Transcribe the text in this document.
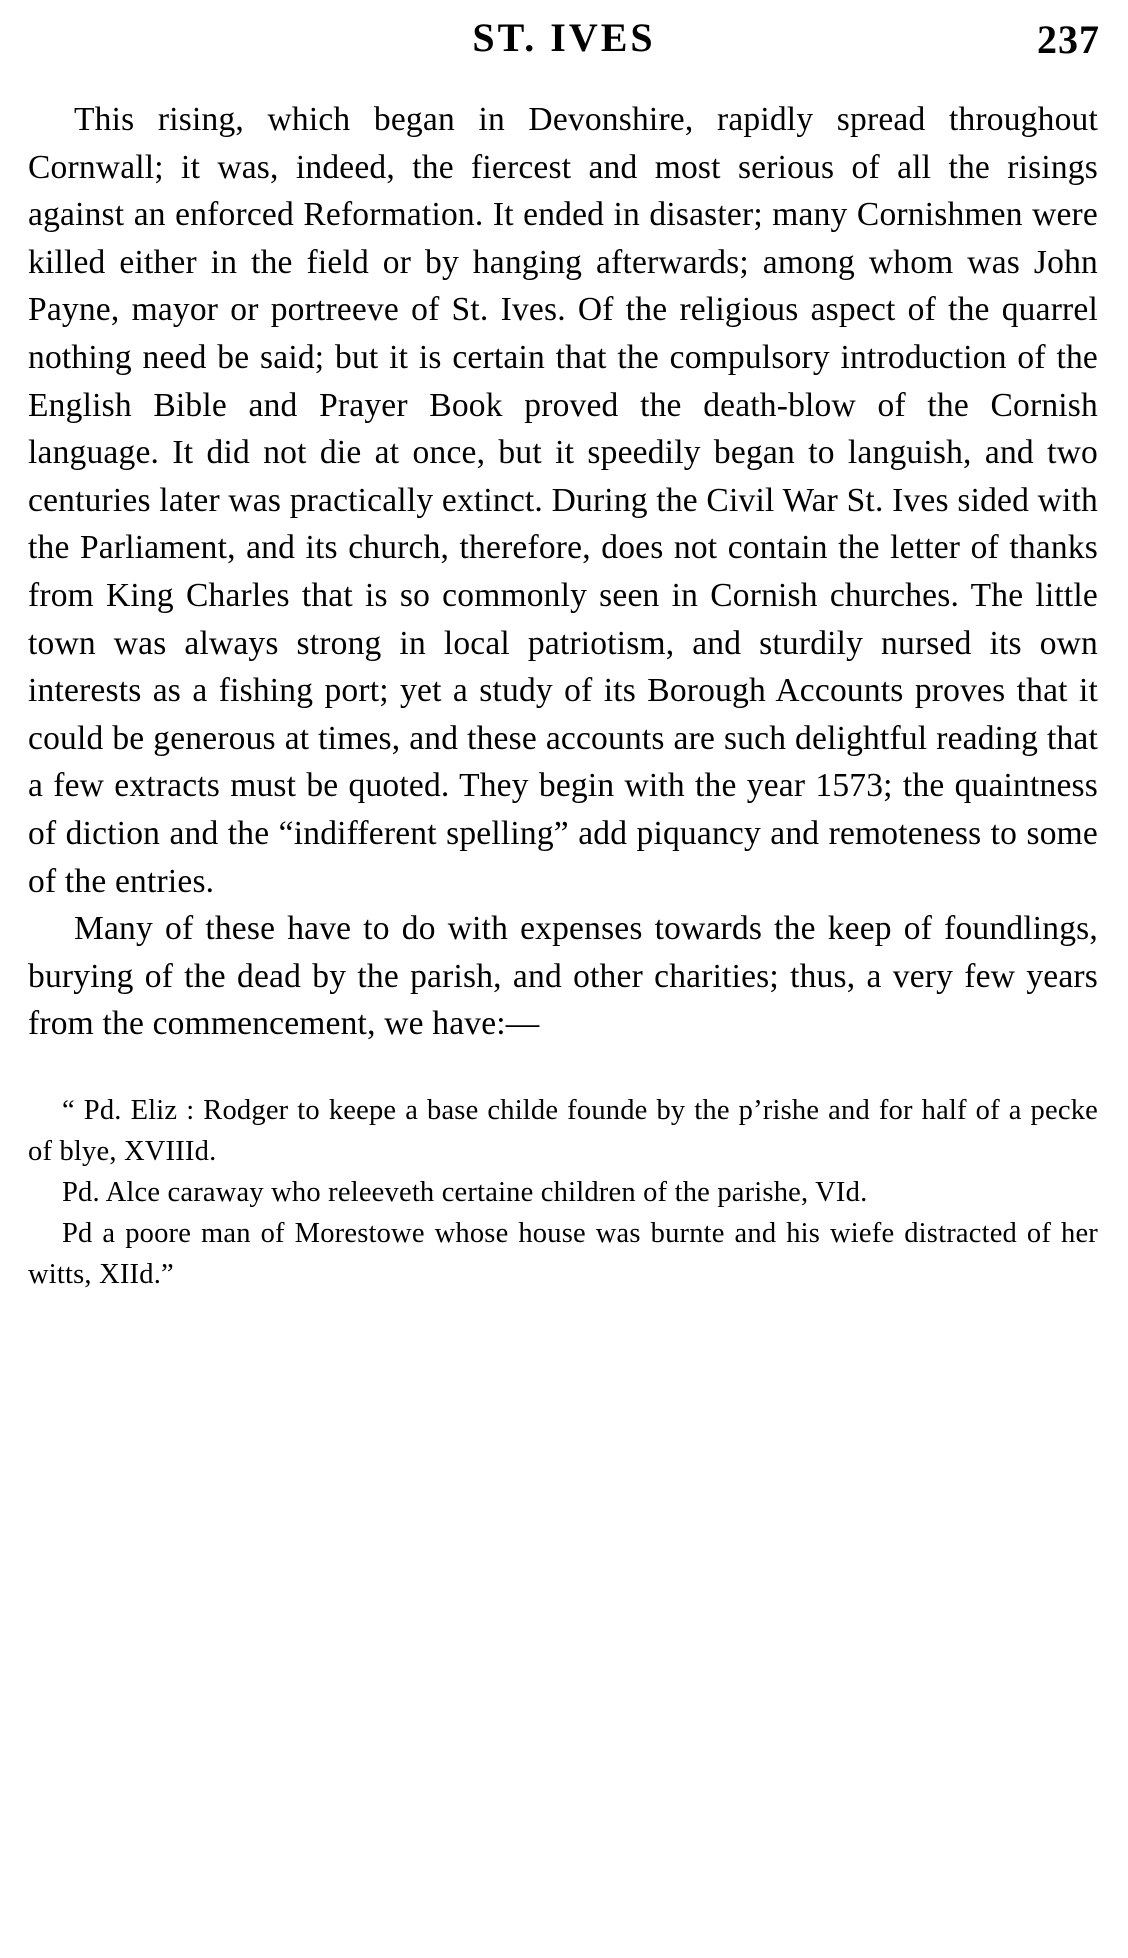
ST. IVES	237

This rising, which began in Devonshire, rapidly spread throughout Cornwall; it was, indeed, the fiercest and most serious of all the risings against an enforced Reformation. It ended in disaster; many Cornishmen were killed either in the field or by hanging afterwards; among whom was John Payne, mayor or portreeve of St. Ives. Of the religious aspect of the quarrel nothing need be said; but it is certain that the compulsory introduction of the English Bible and Prayer Book proved the death-blow of the Cornish language. It did not die at once, but it speedily began to languish, and two centuries later was practically extinct. During the Civil War St. Ives sided with the Parliament, and its church, therefore, does not contain the letter of thanks from King Charles that is so commonly seen in Cornish churches. The little town was always strong in local patriotism, and sturdily nursed its own interests as a fishing port; yet a study of its Borough Accounts proves that it could be generous at times, and these accounts are such delightful reading that a few extracts must be quoted. They begin with the year 1573; the quaintness of diction and the “indifferent spelling” add piquancy and remoteness to some of the entries.

Many of these have to do with expenses towards the keep of foundlings, burying of the dead by the parish, and other charities; thus, a very few years from the commencement, we have:—

“ Pd. Eliz : Rodger to keepe a base childe founde by the p’rishe and for half of a pecke of blye, XVIIId.

Pd. Alce caraway who releeveth certaine children of the parishe, VId.

Pd a poore man of Morestowe whose house was burnte and his wiefe distracted of her witts, XIId.”
